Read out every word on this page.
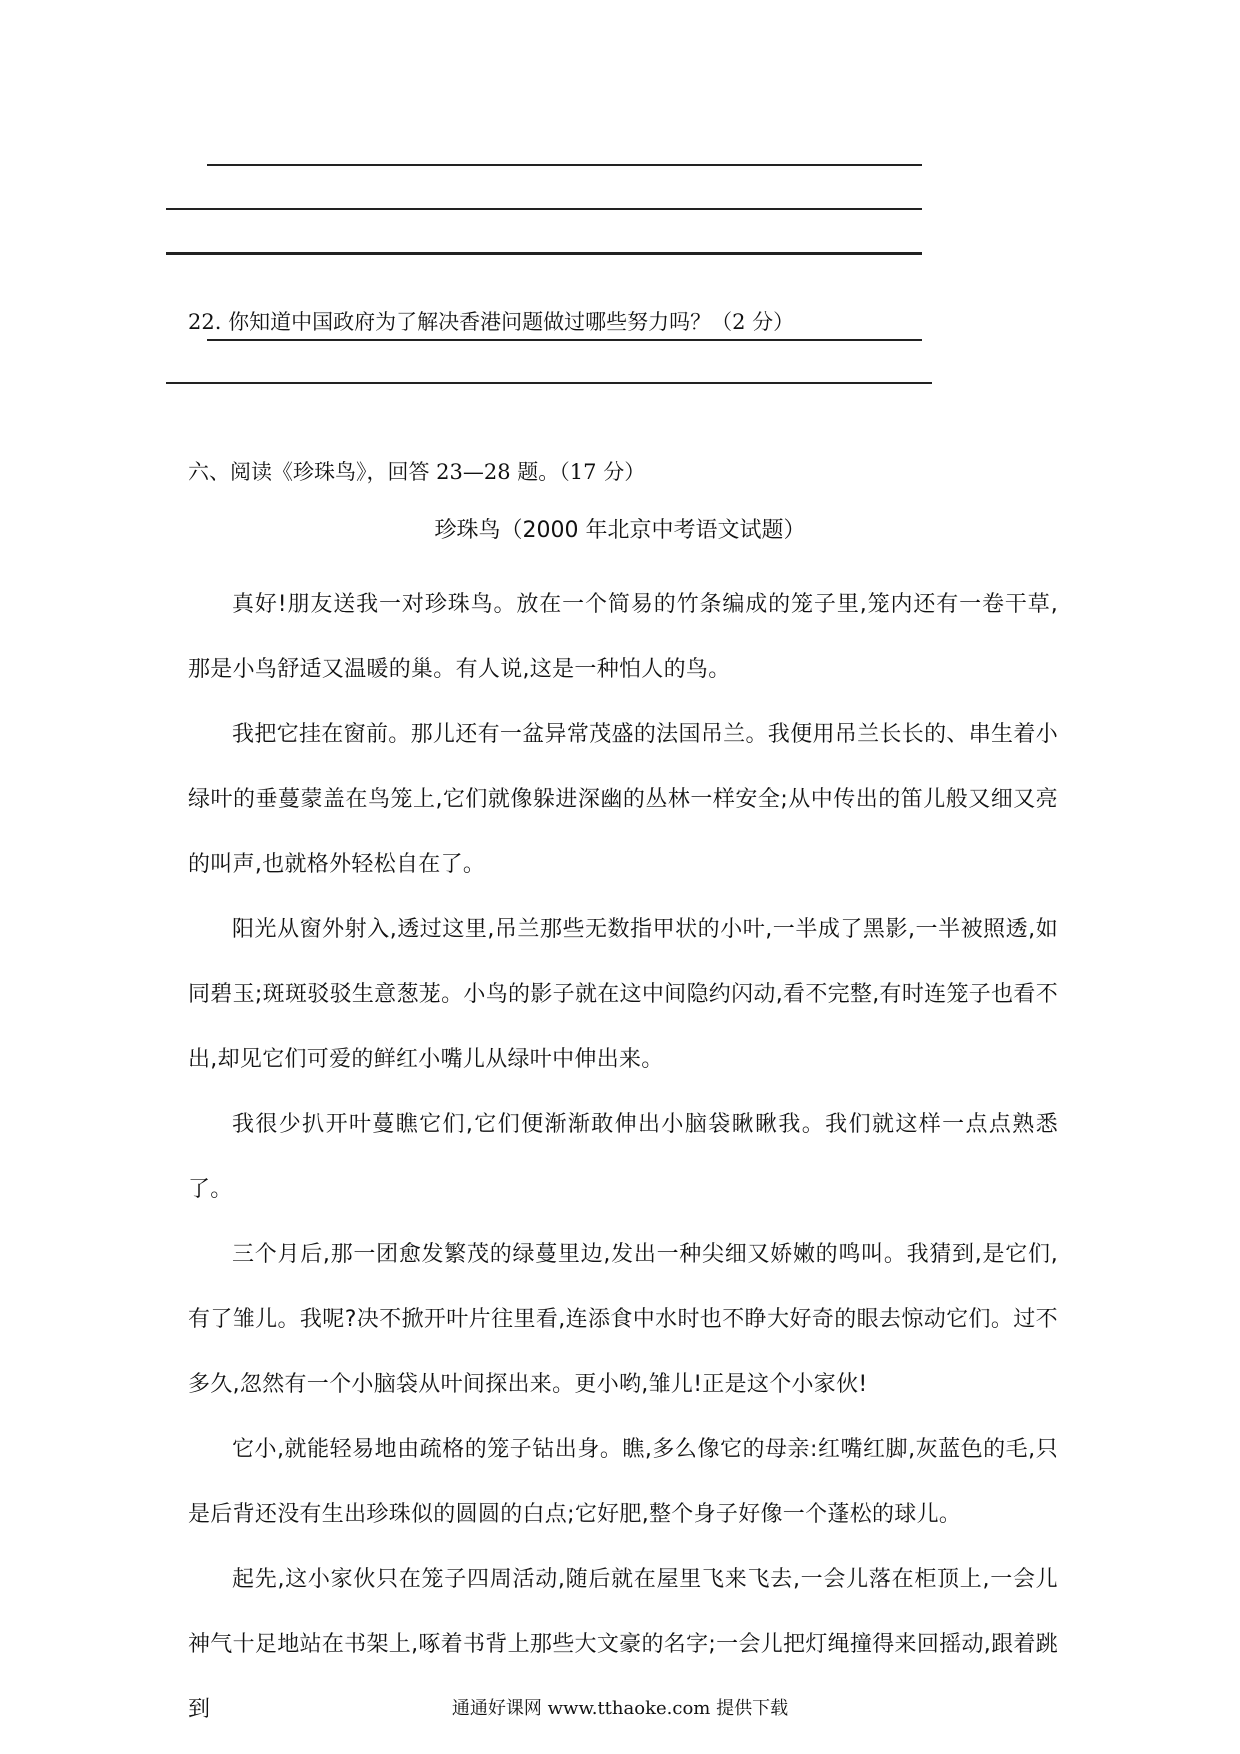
22. 你知道中国政府为了解决香港问题做过哪些努力吗？（2 分）
六、阅读《珍珠鸟》，回答 23—28 题。（17 分）
珍珠鸟（2000 年北京中考语文试题）

真好!朋友送我一对珍珠鸟。放在一个简易的竹条编成的笼子里,笼内还有一卷干草,那是小鸟舒适又温暖的巢。有人说,这是一种怕人的鸟。

我把它挂在窗前。那儿还有一盆异常茂盛的法国吊兰。我便用吊兰长长的、串生着小绿叶的垂蔓蒙盖在鸟笼上,它们就像躲进深幽的丛林一样安全;从中传出的笛儿般又细又亮的叫声,也就格外轻松自在了。

阳光从窗外射入,透过这里,吊兰那些无数指甲状的小叶,一半成了黑影,一半被照透,如同碧玉;斑斑驳驳生意葱茏。小鸟的影子就在这中间隐约闪动,看不完整,有时连笼子也看不出,却见它们可爱的鲜红小嘴儿从绿叶中伸出来。

我很少扒开叶蔓瞧它们,它们便渐渐敢伸出小脑袋瞅瞅我。我们就这样一点点熟悉了。

三个月后,那一团愈发繁茂的绿蔓里边,发出一种尖细又娇嫩的鸣叫。我猜到,是它们,有了雏儿。我呢?决不掀开叶片往里看,连添食中水时也不睁大好奇的眼去惊动它们。过不多久,忽然有一个小脑袋从叶间探出来。更小哟,雏儿!正是这个小家伙!

它小,就能轻易地由疏格的笼子钻出身。瞧,多么像它的母亲:红嘴红脚,灰蓝色的毛,只是后背还没有生出珍珠似的圆圆的白点;它好肥,整个身子好像一个蓬松的球儿。

起先,这小家伙只在笼子四周活动,随后就在屋里飞来飞去,一会儿落在柜顶上,一会儿神气十足地站在书架上,啄着书背上那些大文豪的名字;一会儿把灯绳撞得来回摇动,跟着跳到	通通好课网 www.tthaoke.com 提供下载
